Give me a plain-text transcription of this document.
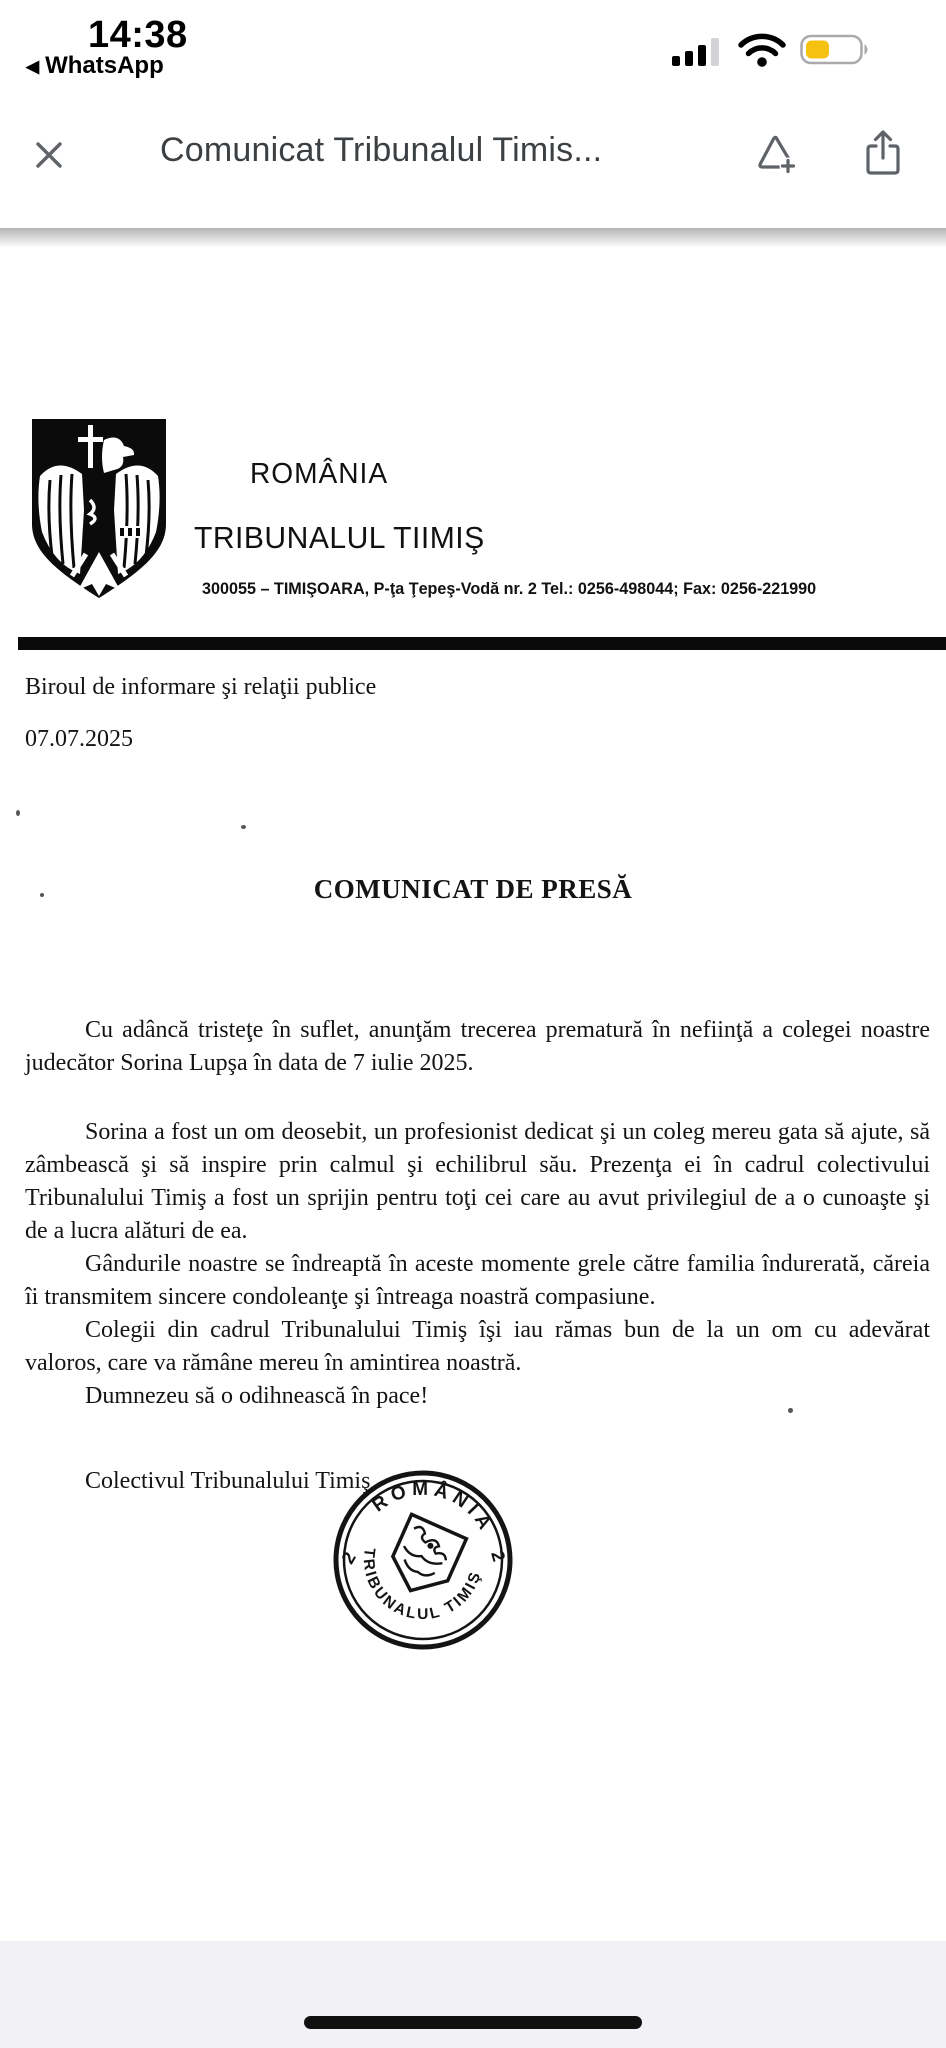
14:38
◀ WhatsApp
Comunicat Tribunalul Timis...
ROMÂNIA
TRIBUNALUL TIIMIŞ
300055 – TIMIŞOARA, P-ţa Ţepeş-Vodă nr. 2 Tel.: 0256-498044; Fax: 0256-221990
Biroul de informare şi relaţii publice
07.07.2025
COMUNICAT DE PRESĂ

Cu adâncă tristeţe în suflet, anunţăm trecerea prematură în nefiinţă a colegei noastre judecător Sorina Lupşa în data de 7 iulie 2025.

Sorina a fost un om deosebit, un profesionist dedicat şi un coleg mereu gata să ajute, să zâmbească şi să inspire prin calmul şi echilibrul său. Prezenţa ei în cadrul colectivului Tribunalului Timiş a fost un sprijin pentru toţi cei care au avut privilegiul de a o cunoaşte şi de a lucra alături de ea.

Gândurile noastre se îndreaptă în aceste momente grele către familia îndurerată, căreia îi transmitem sincere condoleanţe şi întreaga noastră compasiune.

Colegii din cadrul Tribunalului Timiş îşi iau rămas bun de la un om cu adevărat valoros, care va rămâne mereu în amintirea noastră.

Dumnezeu să o odihnească în pace!

Colectivul Tribunalului Timiş
ROMÂNIA
TRIBUNALUL TIMIŞ
2	2
